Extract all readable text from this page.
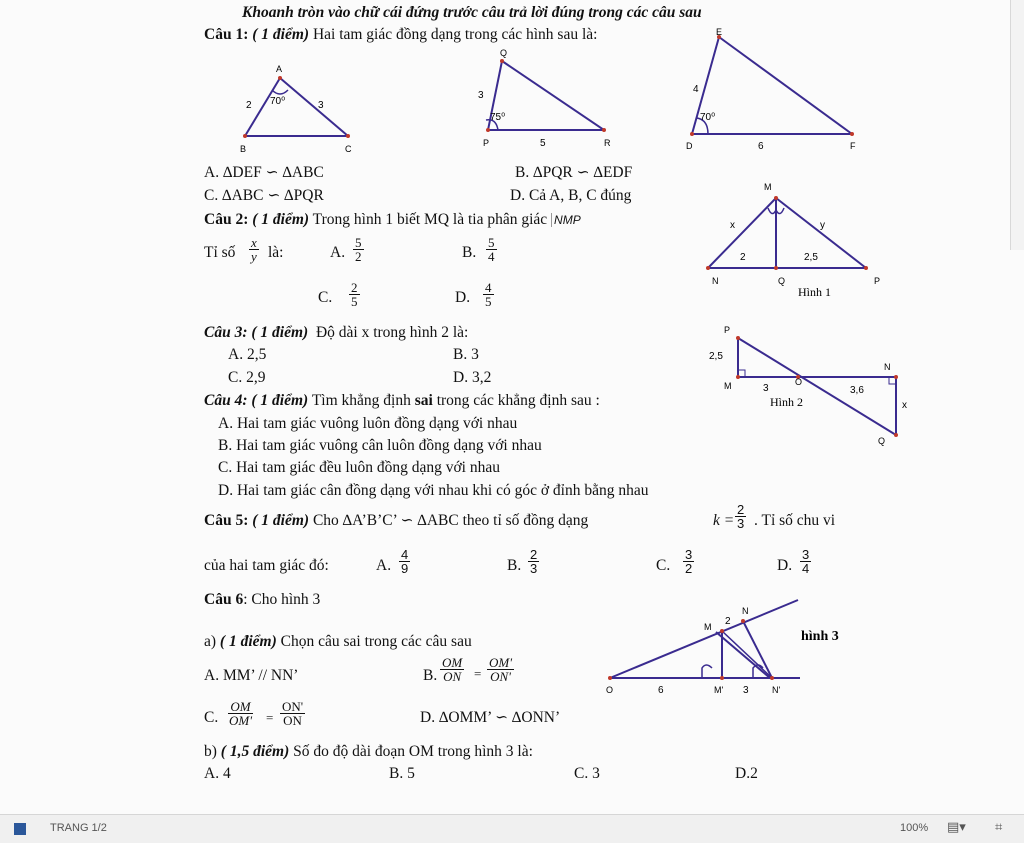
Khoanh tròn vào chữ cái đứng trước câu trả lời đúng trong các câu sau
Câu 1: ( 1 điểm) Hai tam giác đồng dạng trong các hình sau là:
A
B	C
2	3
70⁰
Q
P	R
3
5
75⁰
E
D	F
4
6
70⁰
A. ∆DEF ∽ ∆ABC	B. ∆PQR ∽ ∆EDF
C. ∆ABC ∽ ∆PQR	D. Cả A, B, C đúng
Câu 2: ( 1 điểm) Trong hình 1 biết MQ là tia phân giác NMP
Tỉ số $\frac{x}{y}$ là:	A. $\frac{5}{2}$	B. $\frac{5}{4}$
C. $\frac{2}{5}$	D. $\frac{4}{5}$
M
N	Q	P
x	y
2	2,5
Hình 1
Câu 3: ( 1 điểm) Độ dài x trong hình 2 là:
A. 2,5	B. 3
C. 2,9	D. 3,2
P
M	O
N
Q
2,5
3	3,6
x
Hình 2
Câu 4: ( 1 điểm) Tìm khẳng định sai trong các khẳng định sau :
A. Hai tam giác vuông luôn đồng dạng với nhau
B. Hai tam giác vuông cân luôn đồng dạng với nhau
C. Hai tam giác đều luôn đồng dạng với nhau
D. Hai tam giác cân đồng dạng với nhau khi có góc ở đỉnh bằng nhau
Câu 5: ( 1 điểm) Cho ∆A’B’C’ ∽ ∆ABC theo tỉ số đồng dạng	$k = \frac{2}{3}$ . Tỉ số chu vi
của hai tam giác đó:	A. $\frac{4}{9}$	B. $\frac{2}{3}$	C. $\frac{3}{2}$	D. $\frac{3}{4}$
Câu 6: Cho hình 3
a) ( 1 điểm) Chọn câu sai trong các câu sau
A. MM’ // NN’	B. $\frac{OM}{ON} = \frac{OM'}{ON'}$
C. $\frac{OM}{OM'} = \frac{ON'}{ON}$	D. ∆OMM’ ∽ ∆ONN’
O
M
M'
N
N'
2
6	3
hình 3
b) ( 1,5 điểm) Số đo độ dài đoạn OM trong hình 3 là:
A. 4	B. 5	C. 3	D.2
TRANG 1/2	100% ▤▾ ⌗
